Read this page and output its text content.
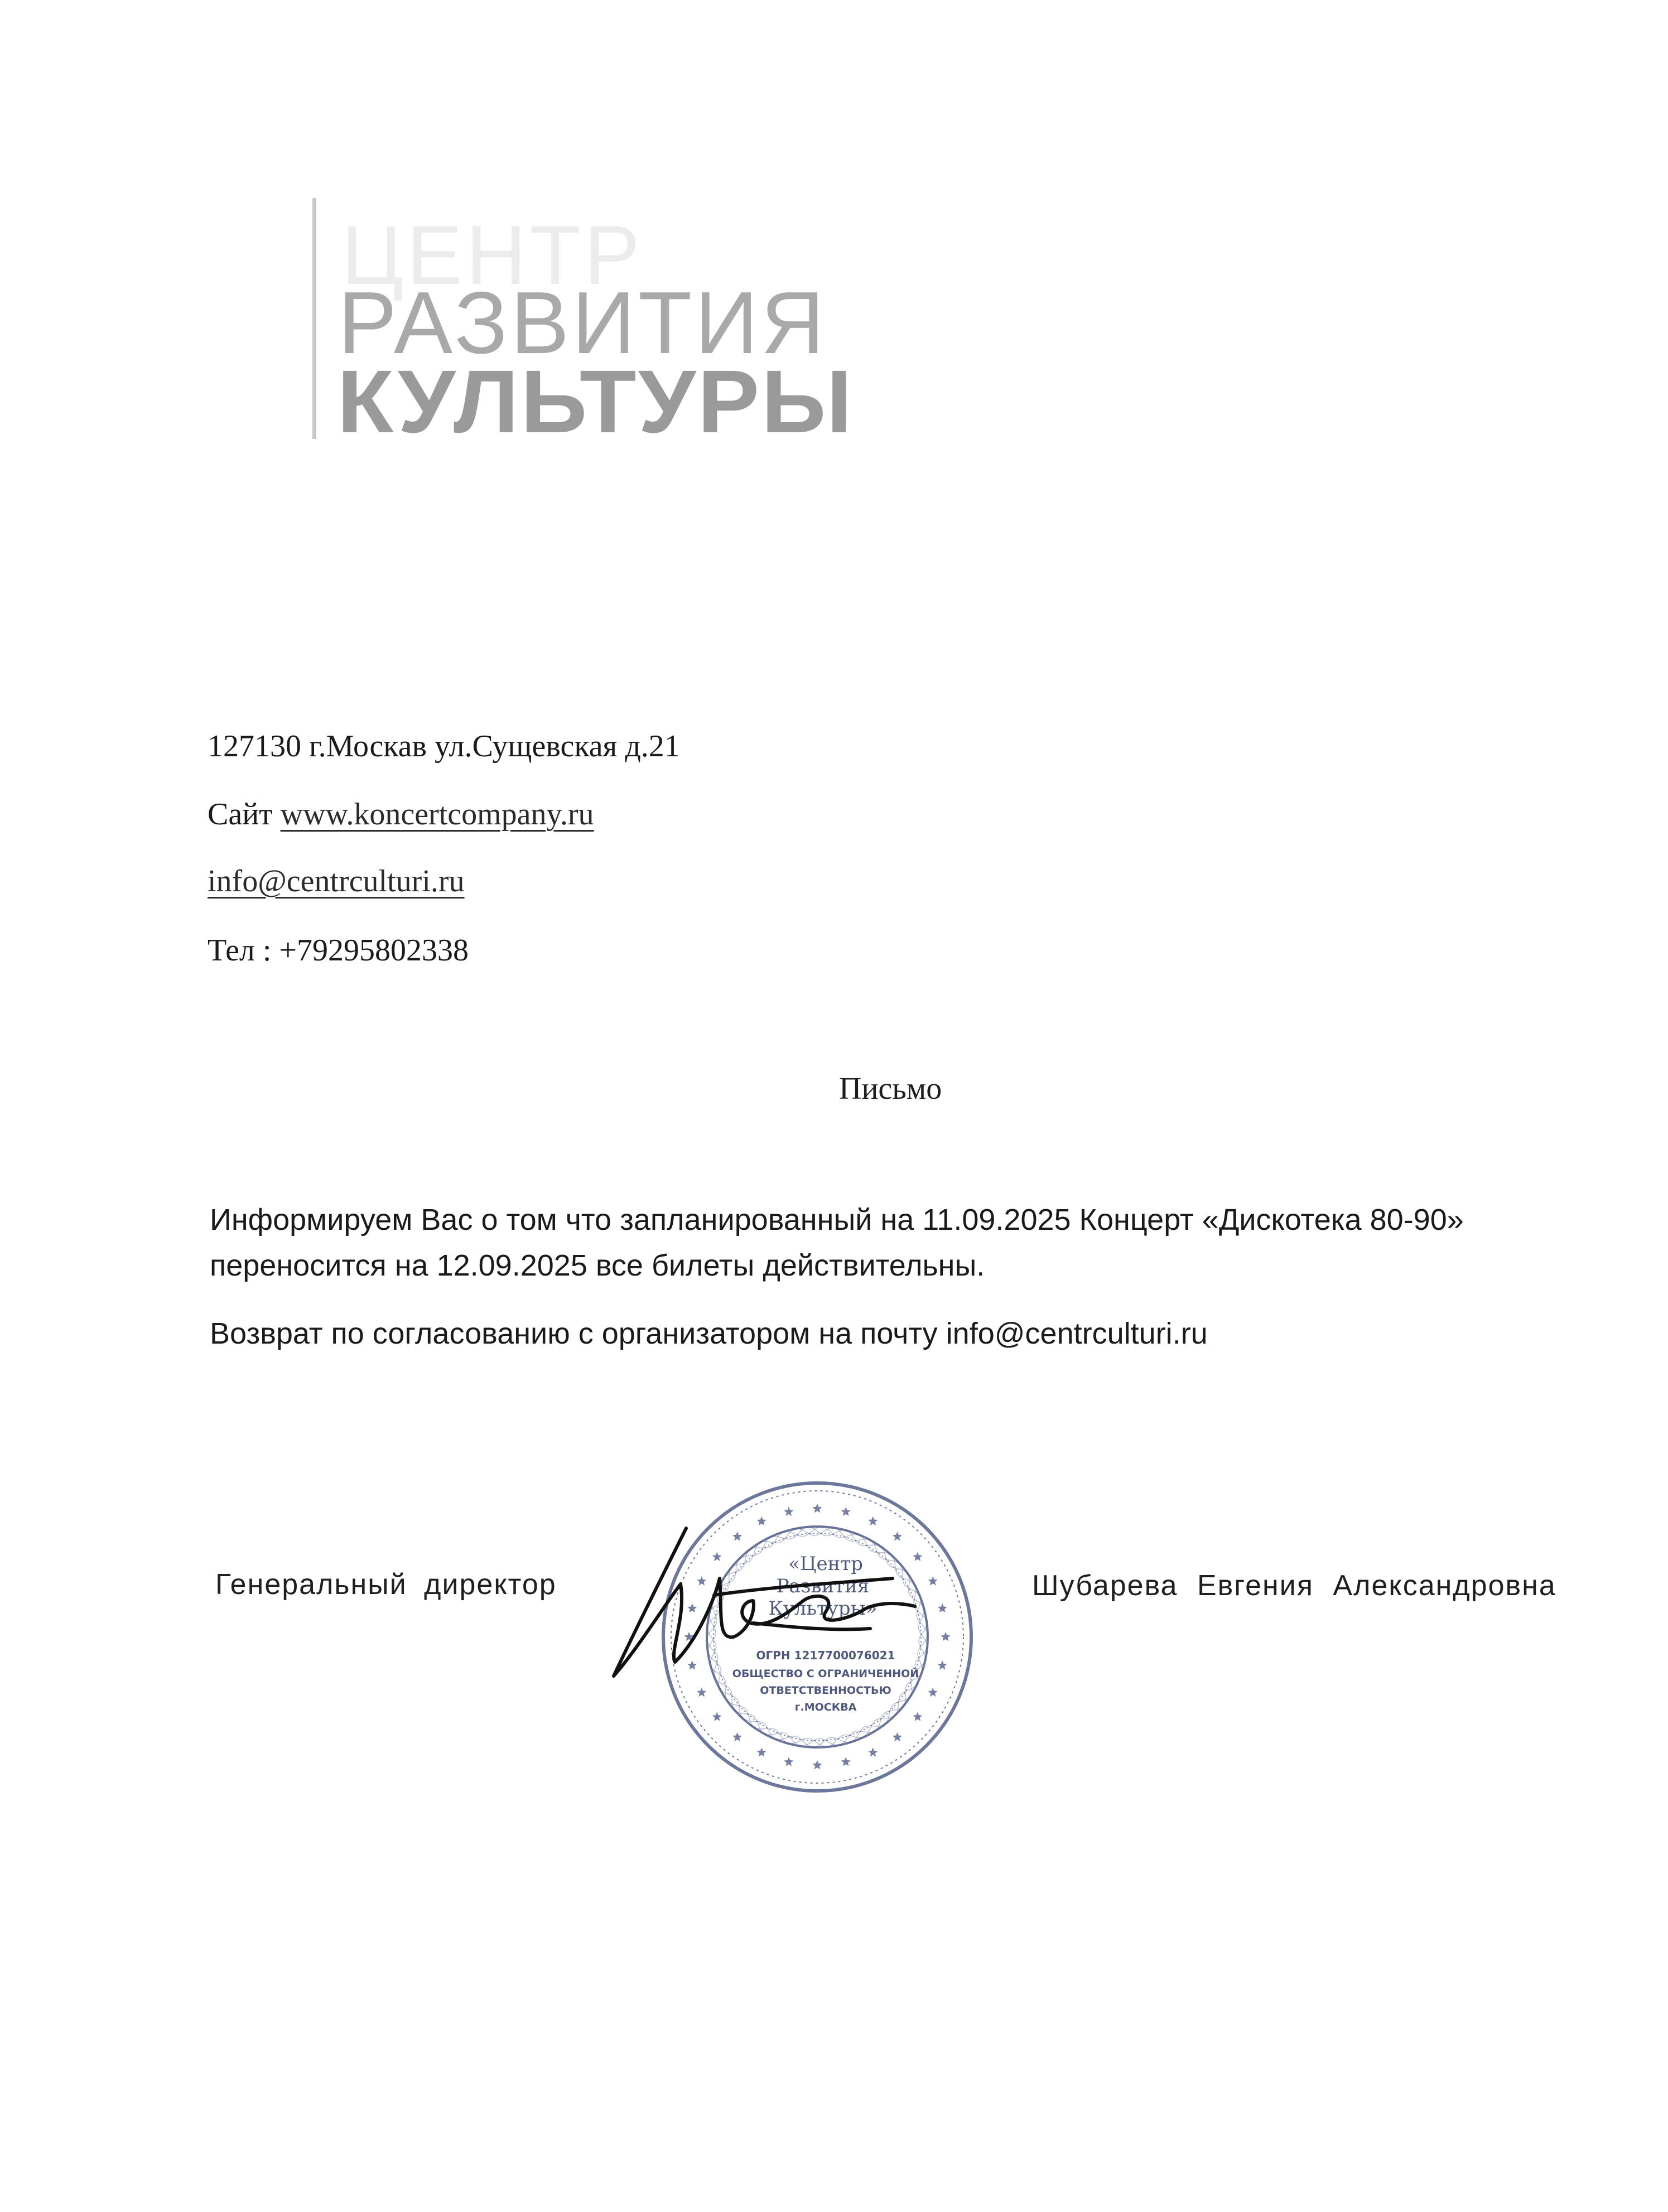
ЦЕНТР
РАЗВИТИЯ
КУЛЬТУРЫ
127130 г.Москав ул.Сущевская д.21
Сайт www.koncertcompany.ru
info@centrculturi.ru
Тел : +79295802338
Письмо
Информируем Вас о том что запланированный на 11.09.2025 Концерт «Дискотека 80-90»
переносится на 12.09.2025 все билеты действительны.
Возврат по согласованию с организатором на почту info@centrculturi.ru
Генеральный директор
«Центр
Развития
Культуры»
ОГРН 1217700076021
ОБЩЕСТВО С ОГРАНИЧЕННОЙ
ОТВЕТСТВЕННОСТЬЮ
г.МОСКВА
Шубарева Евгения Александровна
